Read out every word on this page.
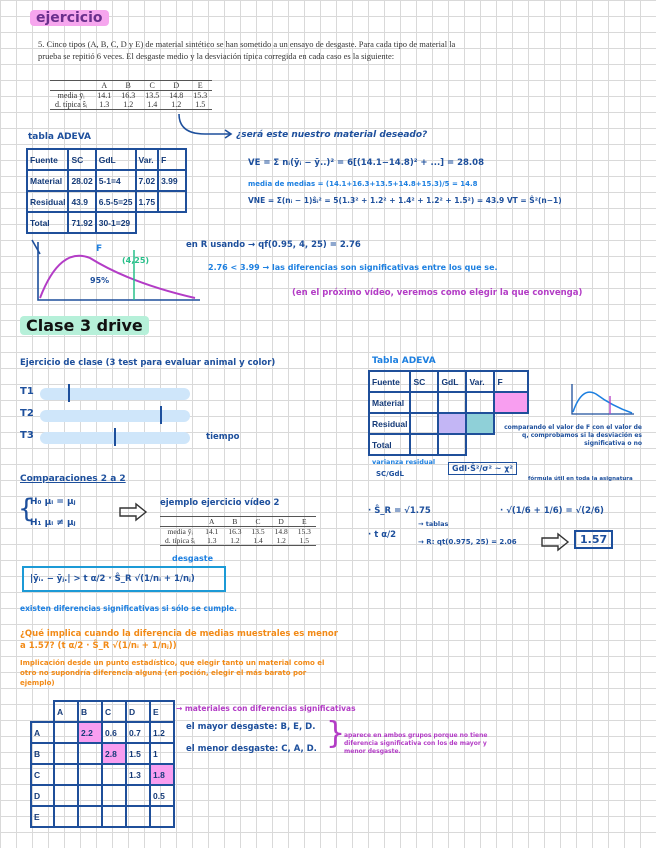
ejercicio
5. Cinco tipos (A, B, C, D y E) de material sintético se han sometido a un ensayo de desgaste. Para cada tipo de material la prueba se repitió 6 veces. El desgaste medio y la desviación típica corregida en cada caso es la siguiente:
	A	B	C	D	E
media ȳᵢ	14.1	16.3	13.5	14.8	15.3
d. típica ŝᵢ	1.3	1.2	1.4	1.2	1.5
¿será este nuestro material deseado?
tabla ADEVA
Fuente	SC	GdL	Var.	F
Material	28.02	5-1=4	7.02	3.99
Residual	43.9	6.5-5=25	1.75	
Total	71.92	30-1=29		
VE = Σ nᵢ(ȳᵢ − ȳ..)² = 6[(14.1−14.8)² + ...] = 28.08
media de medias = (14.1+16.3+13.5+14.8+15.3)/5 = 14.8
VNE = Σ(nᵢ − 1)ŝᵢ² = 5(1.3² + 1.2² + 1.4² + 1.2² + 1.5²) = 43.9 VT = Ŝ²(n−1)
F
95%
(4,25)
en R usando → qf(0.95, 4, 25) = 2.76
2.76 < 3.99 → las diferencias son significativas entre los que se.
(en el próximo vídeo, veremos como elegir la que convenga)
Clase 3 drive
Ejercicio de clase (3 test para evaluar animal y color)
T1
T2
T3	tiempo
Tabla ADEVA
Fuente	SC	GdL	Var.	F
Material				
Residual				
Total				
comparando el valor de F con el valor de q, comprobamos si la desviación es significativa o no
varianza residual
SC/GdL
Gdl·Ŝ²/σ² ~ χ²
fórmula útil en toda la asignatura
Comparaciones 2 a 2
{
H₀ μᵢ = μⱼ
H₁ μᵢ ≠ μⱼ
ejemplo ejercicio vídeo 2
	A	B	C	D	E
media ȳᵢ	14.1	16.3	13.5	14.8	15.3
d. típica ŝᵢ	1.3	1.2	1.4	1.2	1.5
desgaste
· Ŝ_R = √1.75	· √(1/6 + 1/6) = √(2/6)
· t α/2
→ tablas
→ R: qt(0.975, 25) = 2.06	1.57
|ȳᵢ. − ȳⱼ.| > t α/2 · Ŝ_R √(1/nᵢ + 1/nⱼ)
existen diferencias significativas si sólo se cumple.
¿Qué implica cuando la diferencia de medias muestrales es menor a 1.57? (t α/2 · Ŝ_R √(1/nᵢ + 1/nⱼ))
Implicación desde un punto estadístico, que elegir tanto un material como el otro no supondría diferencia alguna (en poción, elegir el más barato por ejemplo)
	A	B	C	D	E
A		2.2	0.6	0.7	1.2
B			2.8	1.5	1
C				1.3	1.8
D					0.5
E					
→ materiales con diferencias significativas
el mayor desgaste: B, E, D.
el menor desgaste: C, A, D. }
aparece en ambos grupos porque no tiene diferencia significativa con los de mayor y menor desgaste.
